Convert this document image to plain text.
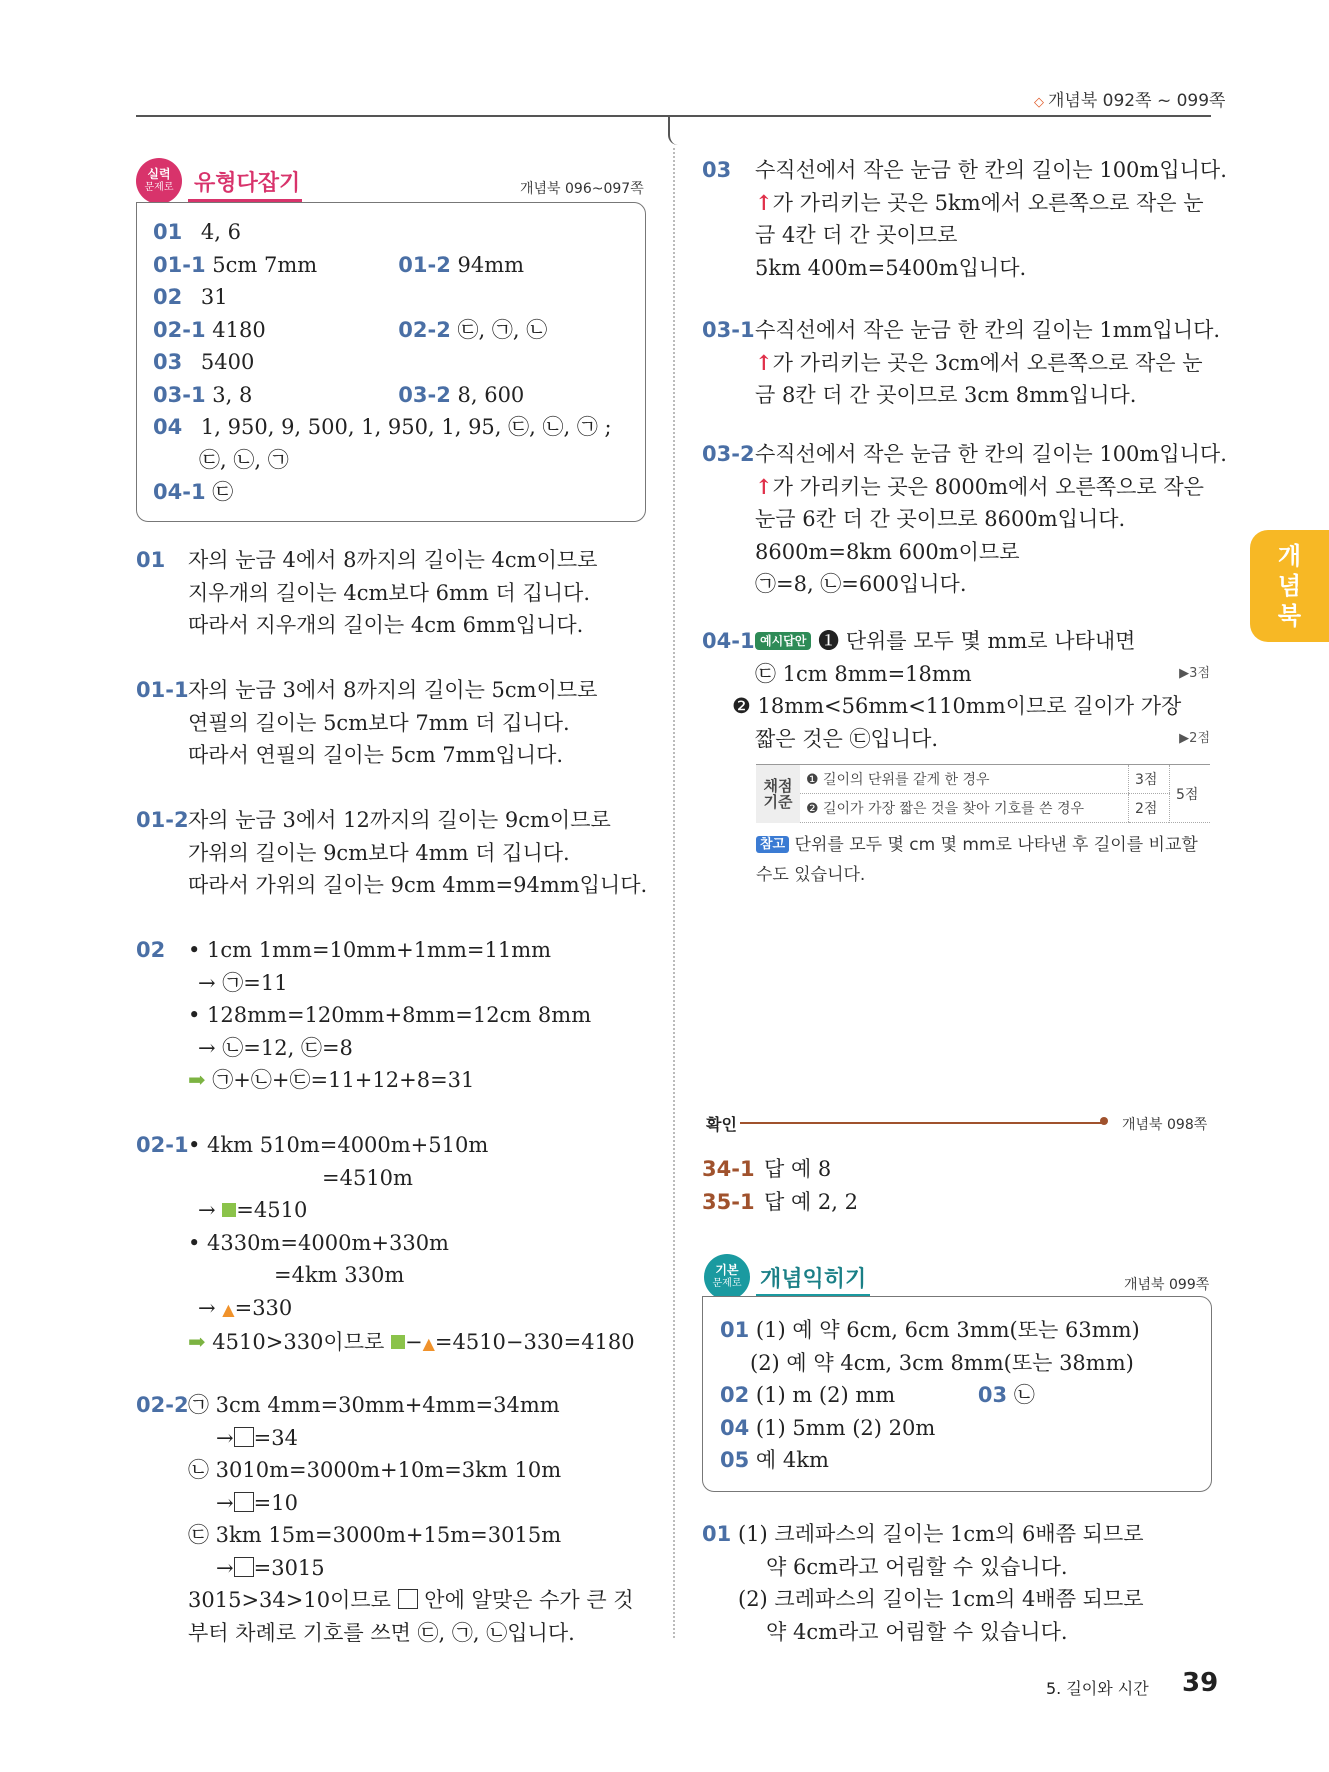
◇ 개념북 092쪽 ~ 099쪽
개
념
북
실력
문제로 유형다잡기	개념북 096~097쪽
01 4, 6
01-1 5cm 7mm	01-2 94mm
02 31
02-1 4180	02-2 ㉢, ㉠, ㉡
03 5400
03-1 3, 8	03-2 8, 600
04 1, 950, 9, 500, 1, 950, 1, 95, ㉢, ㉡, ㉠ ;
㉢, ㉡, ㉠
04-1 ㉢
01 자의 눈금 4에서 8까지의 길이는 4cm이므로
지우개의 길이는 4cm보다 6mm 더 깁니다.
따라서 지우개의 길이는 4cm 6mm입니다.
01-1자의 눈금 3에서 8까지의 길이는 5cm이므로
연필의 길이는 5cm보다 7mm 더 깁니다.
따라서 연필의 길이는 5cm 7mm입니다.
01-2자의 눈금 3에서 12까지의 길이는 9cm이므로
가위의 길이는 9cm보다 4mm 더 깁니다.
따라서 가위의 길이는 9cm 4mm=94mm입니다.
02 • 1cm 1mm=10mm+1mm=11mm
→ ㉠=11
• 128mm=120mm+8mm=12cm 8mm
→ ㉡=12, ㉢=8
➡ ㉠+㉡+㉢=11+12+8=31
02-1• 4km 510m=4000m+510m
=4510m
→ =4510
• 4330m=4000m+330m
=4km 330m
→ ▲=330
➡ 4510>330이므로 −▲=4510−330=4180
02-2㉠ 3cm 4mm=30mm+4mm=34mm
→ =34
㉡ 3010m=3000m+10m=3km 10m
→ =10
㉢ 3km 15m=3000m+15m=3015m
→ =3015
3015>34>10이므로  안에 알맞은 수가 큰 것
부터 차례로 기호를 쓰면 ㉢, ㉠, ㉡입니다.
03 수직선에서 작은 눈금 한 칸의 길이는 100m입니다.
↑가 가리키는 곳은 5km에서 오른쪽으로 작은 눈
금 4칸 더 간 곳이므로
5km 400m=5400m입니다.
03-1수직선에서 작은 눈금 한 칸의 길이는 1mm입니다.
↑가 가리키는 곳은 3cm에서 오른쪽으로 작은 눈
금 8칸 더 간 곳이므로 3cm 8mm입니다.
03-2수직선에서 작은 눈금 한 칸의 길이는 100m입니다.
↑가 가리키는 곳은 8000m에서 오른쪽으로 작은
눈금 6칸 더 간 곳이므로 8600m입니다.
8600m=8km 600m이므로
㉠=8, ㉡=600입니다.
04-1 예시답안 ❶ 단위를 모두 몇 mm로 나타내면
㉢ 1cm 8mm=18mm	▶3점
❷ 18mm<56mm<110mm이므로 길이가 가장
짧은 것은 ㉢입니다.	▶2점
채점
기준	❶ 길이의 단위를 같게 한 경우	3점	5점
	❷ 길이가 가장 짧은 것을 찾아 기호를 쓴 경우	2점	
참고 단위를 모두 몇 cm 몇 mm로 나타낸 후 길이를 비교할
수도 있습니다.
확인	개념북 098쪽
34-1 답 예 8
35-1 답 예 2, 2
기본
문제로 개념익히기	개념북 099쪽
01 (1) 예 약 6cm, 6cm 3mm(또는 63mm)
(2) 예 약 4cm, 3cm 8mm(또는 38mm)
02 (1) m (2) mm	03 ㉡
04 (1) 5mm (2) 20m
05 예 4km
01 (1) 크레파스의 길이는 1cm의 6배쯤 되므로
약 6cm라고 어림할 수 있습니다.
(2) 크레파스의 길이는 1cm의 4배쯤 되므로
약 4cm라고 어림할 수 있습니다.
5. 길이와 시간 39
